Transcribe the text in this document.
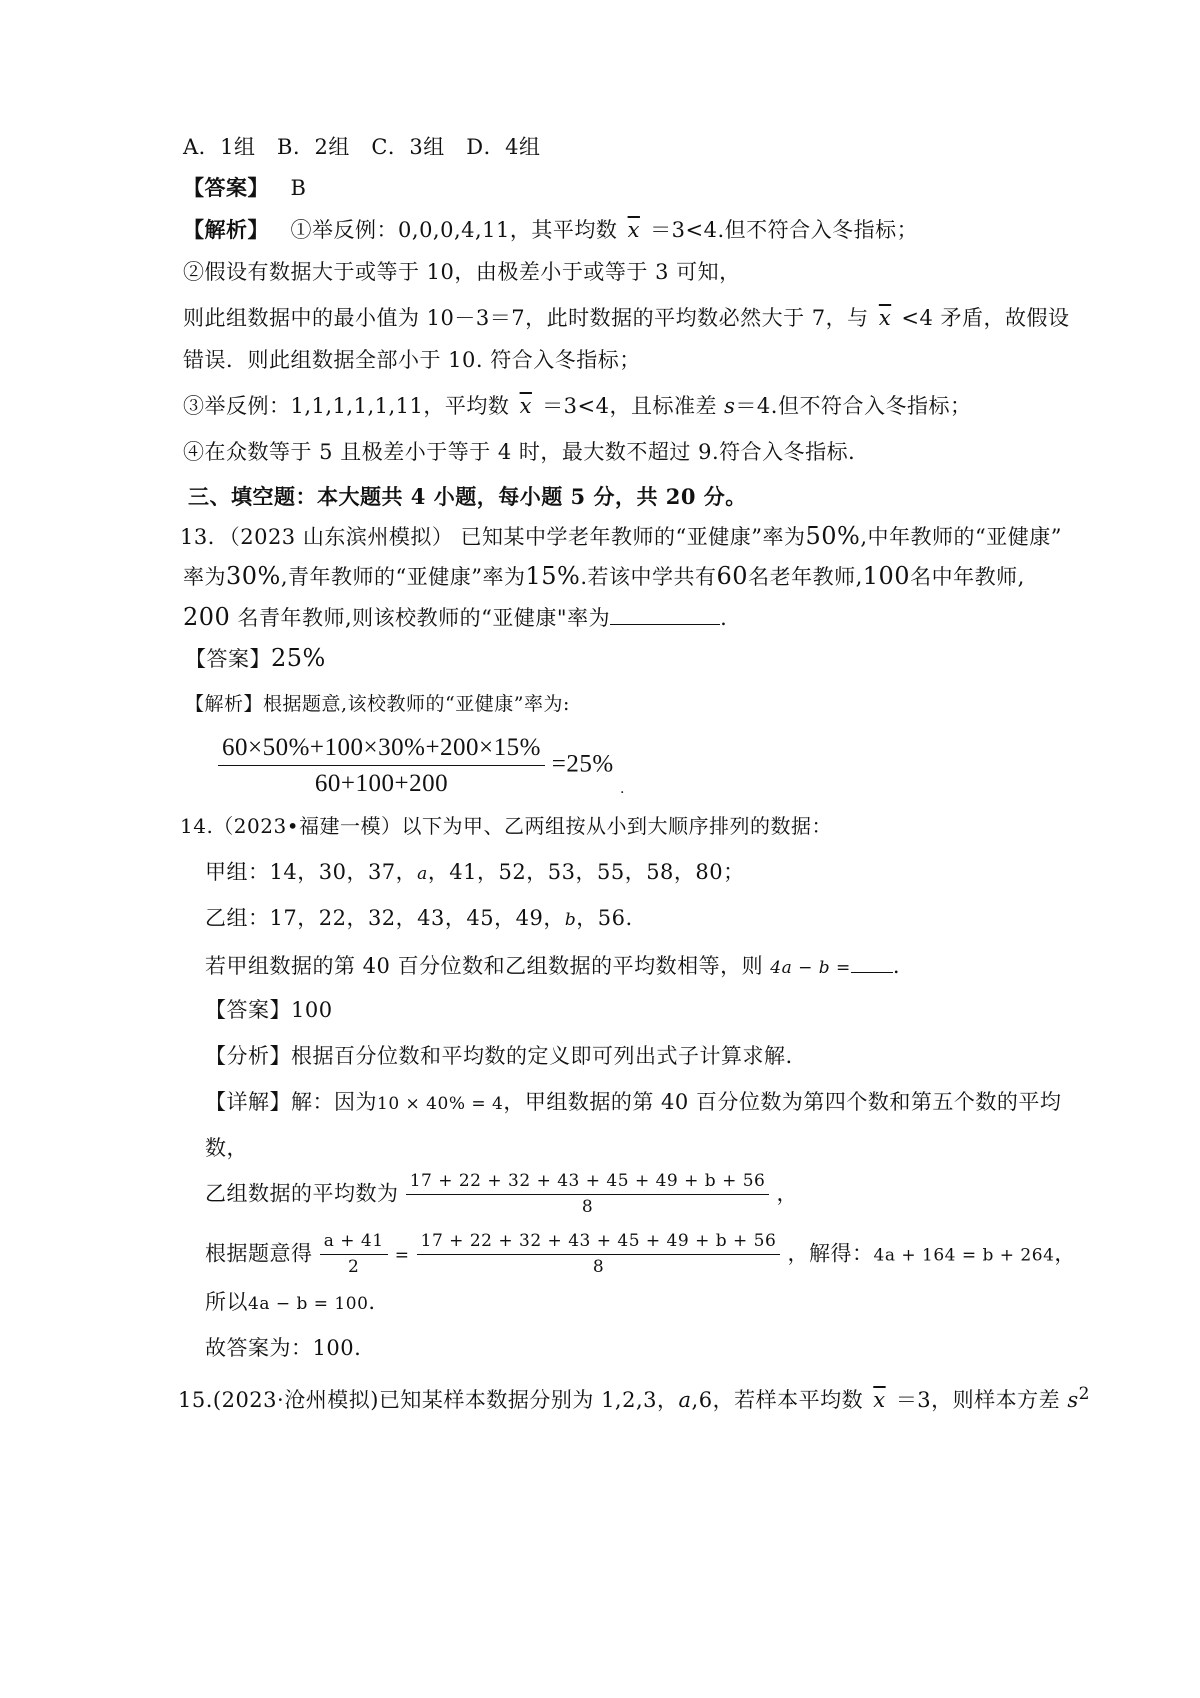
A．1组　B．2组　C．3组　D．4组
【答案】 B
【解析】 ①举反例：0,0,0,4,11，其平均数 $\overline{x} =3<4$.但不符合入冬指标；
②假设有数据大于或等于 10，由极差小于或等于 3 可知，
则此组数据中的最小值为 10－3＝7，此时数据的平均数必然大于 7，与 $\overline{x} <4$ 矛盾，故假设
错误．则此组数据全部小于 10. 符合入冬指标；
③举反例：1,1,1,1,1,11，平均数 $\overline{x} =3<4$，且标准差 s＝4.但不符合入冬指标；
④在众数等于 5 且极差小于等于 4 时，最大数不超过 9.符合入冬指标．
三、填空题：本大题共 4 小题，每小题 5 分，共 20 分。
13．（2023 山东滨州模拟） 已知某中学老年教师的“亚健康”率为50%,中年教师的“亚健康”
率为30%,青年教师的“亚健康”率为15%.若该中学共有60名老年教师,100名中年教师,
200 名青年教师,则该校教师的“亚健康"率为	.
【答案】25%
【解析】根据题意,该校教师的“亚健康”率为:
$\frac{60\times 50\%+100\times 30\%+200\times 15\%}{60+100+200} =25\%$
.
14.（2023•福建一模）以下为甲、乙两组按从小到大顺序排列的数据：
甲组：14，30，37，a，41，52，53，55，58，80；
乙组：17，22，32，43，45，49，b，56.
若甲组数据的第 40 百分位数和乙组数据的平均数相等，则 4a − b = .
【答案】100
【分析】根据百分位数和平均数的定义即可列出式子计算求解.
【详解】解：因为10 × 40% = 4，甲组数据的第 40 百分位数为第四个数和第五个数的平均
数，
乙组数据的平均数为 $\frac{17 + 22 + 32 + 43 + 45 + 49 + b + 56}{8}$ ，
根据题意得 $\frac{a + 41}{2} = \frac{17 + 22 + 32 + 43 + 45 + 49 + b + 56}{8}$ ，解得：4a + 164 = b + 264，
所以4a − b = 100.
故答案为：100.
15.(2023·沧州模拟)已知某样本数据分别为 1,2,3，a,6，若样本平均数 $\overline{x} =3$，则样本方差 $s^2$
